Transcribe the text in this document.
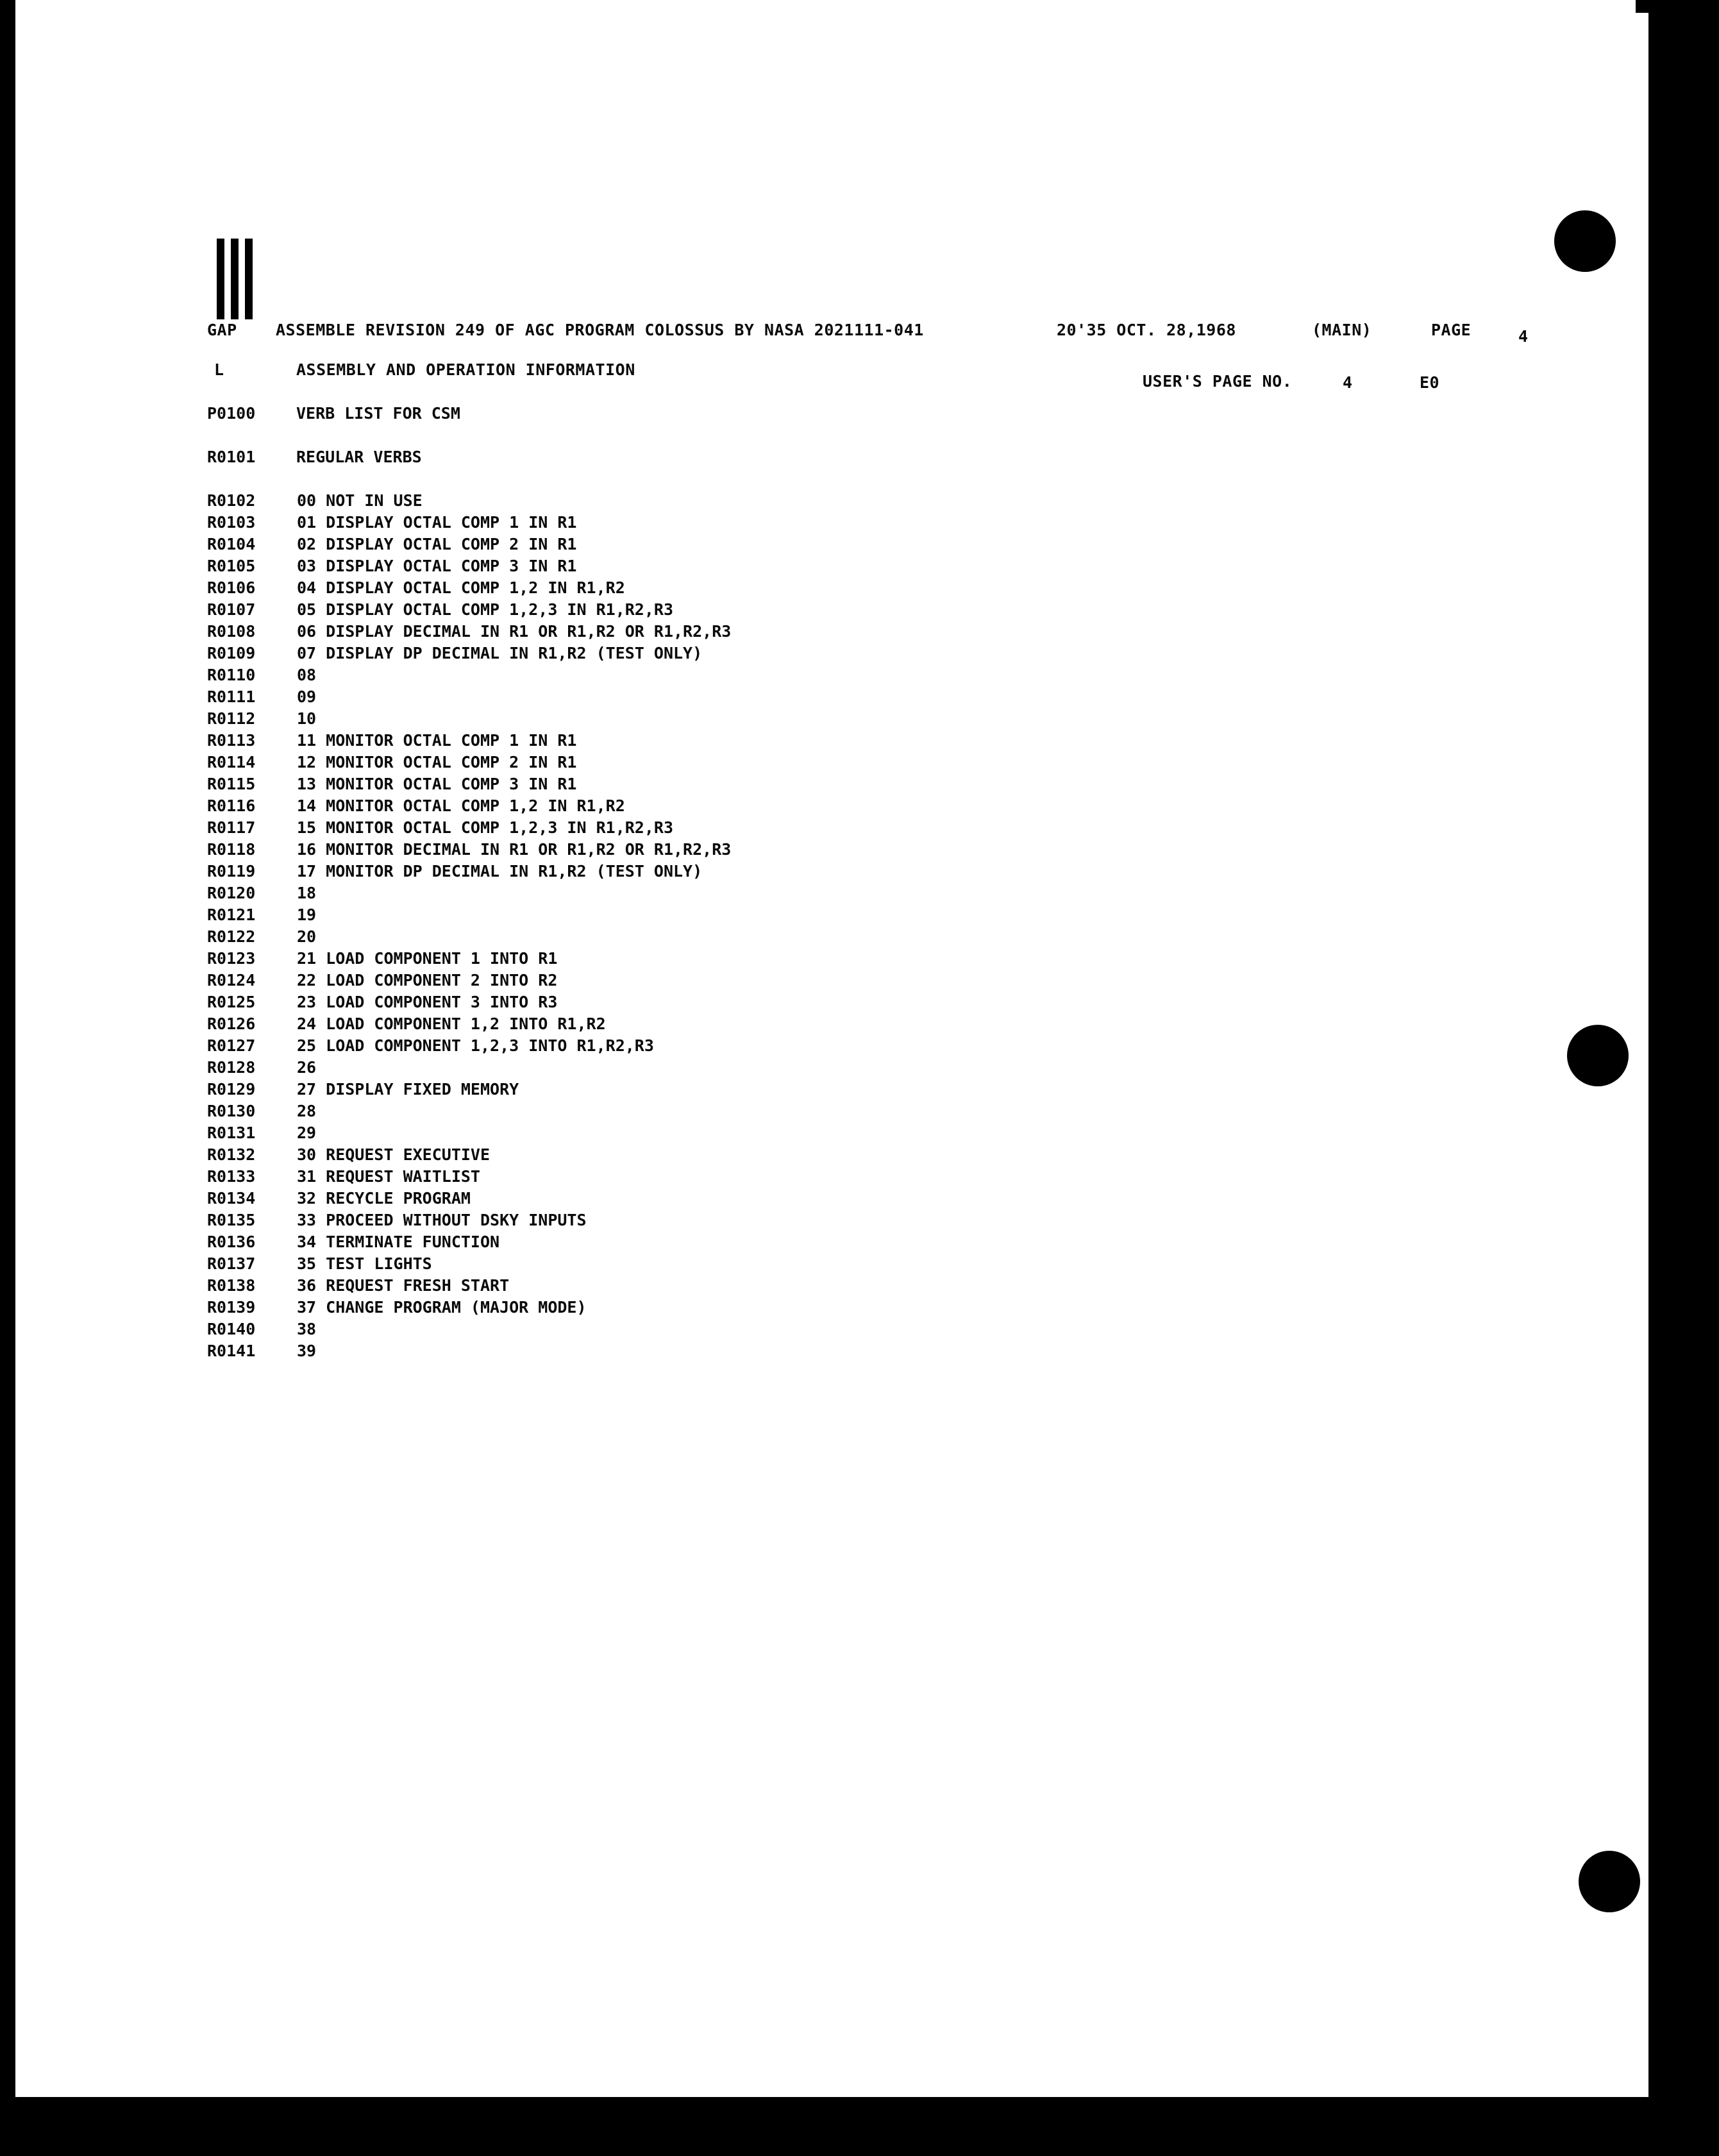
GAP ASSEMBLE REVISION 249 OF AGC PROGRAM COLOSSUS BY NASA 2021111-041	20'35 OCT. 28,1968	(MAIN)	PAGE	4
L	ASSEMBLY AND OPERATION INFORMATION
USER'S PAGE NO.	4	E0
P0100	VERB LIST FOR CSM
R0101	REGULAR VERBS
R0102	00 NOT IN USE
R0103	01 DISPLAY OCTAL COMP 1 IN R1
R0104	02 DISPLAY OCTAL COMP 2 IN R1
R0105	03 DISPLAY OCTAL COMP 3 IN R1
R0106	04 DISPLAY OCTAL COMP 1,2 IN R1,R2
R0107	05 DISPLAY OCTAL COMP 1,2,3 IN R1,R2,R3
R0108	06 DISPLAY DECIMAL IN R1 OR R1,R2 OR R1,R2,R3
R0109	07 DISPLAY DP DECIMAL IN R1,R2 (TEST ONLY)
R0110	08
R0111	09
R0112	10
R0113	11 MONITOR OCTAL COMP 1 IN R1
R0114	12 MONITOR OCTAL COMP 2 IN R1
R0115	13 MONITOR OCTAL COMP 3 IN R1
R0116	14 MONITOR OCTAL COMP 1,2 IN R1,R2
R0117	15 MONITOR OCTAL COMP 1,2,3 IN R1,R2,R3
R0118	16 MONITOR DECIMAL IN R1 OR R1,R2 OR R1,R2,R3
R0119	17 MONITOR DP DECIMAL IN R1,R2 (TEST ONLY)
R0120	18
R0121	19
R0122	20
R0123	21 LOAD COMPONENT 1 INTO R1
R0124	22 LOAD COMPONENT 2 INTO R2
R0125	23 LOAD COMPONENT 3 INTO R3
R0126	24 LOAD COMPONENT 1,2 INTO R1,R2
R0127	25 LOAD COMPONENT 1,2,3 INTO R1,R2,R3
R0128	26
R0129	27 DISPLAY FIXED MEMORY
R0130	28
R0131	29
R0132	30 REQUEST EXECUTIVE
R0133	31 REQUEST WAITLIST
R0134	32 RECYCLE PROGRAM
R0135	33 PROCEED WITHOUT DSKY INPUTS
R0136	34 TERMINATE FUNCTION
R0137	35 TEST LIGHTS
R0138	36 REQUEST FRESH START
R0139	37 CHANGE PROGRAM (MAJOR MODE)
R0140	38
R0141	39
